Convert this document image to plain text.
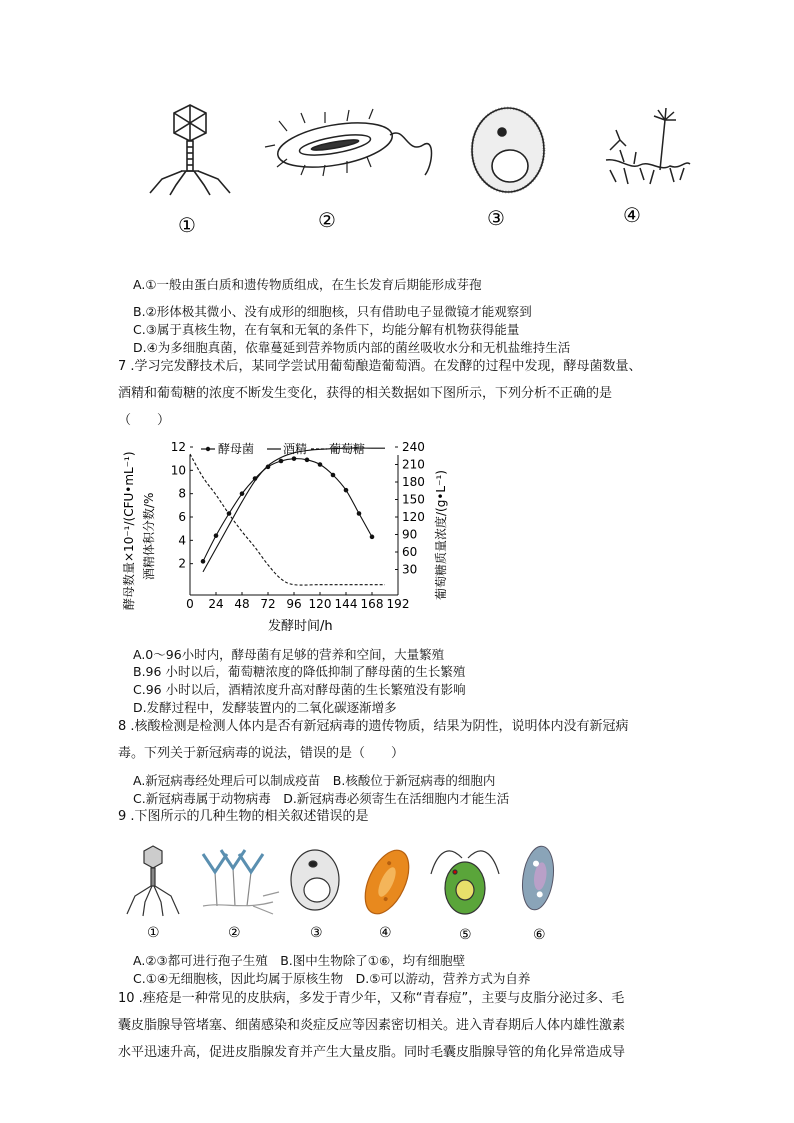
①	②	③	④
A.①一般由蛋白质和遗传物质组成，在生长发育后期能形成芽孢
B.②形体极其微小、没有成形的细胞核，只有借助电子显微镜才能观察到
C.③属于真核生物，在有氧和无氧的条件下，均能分解有机物获得能量
D.④为多细胞真菌，依靠蔓延到营养物质内部的菌丝吸收水分和无机盐维持生活
7 .学习完发酵技术后，某同学尝试用葡萄酿造葡萄酒。在发酵的过程中发现，酵母菌数量、
酒精和葡萄糖的浓度不断发生变化，获得的相关数据如下图所示，下列分析不正确的是
（　　）
酵母菌 酒精 葡萄糖
酵母数量×10⁻¹/(CFU•mL⁻¹) 酒精体积分数/%	葡萄糖质量浓度/(g•L⁻¹)
发酵时间/h
0 24 48 72 96 120 144 168 192
2
4
6
8
10
12
30
60
90
120
150
180
210
240
A.0～96小时内，酵母菌有足够的营养和空间，大量繁殖
B.96 小时以后，葡萄糖浓度的降低抑制了酵母菌的生长繁殖
C.96 小时以后，酒精浓度升高对酵母菌的生长繁殖没有影响
D.发酵过程中，发酵装置内的二氧化碳逐渐增多
8 .核酸检测是检测人体内是否有新冠病毒的遗传物质，结果为阴性，说明体内没有新冠病
毒。下列关于新冠病毒的说法，错误的是（　　）
A.新冠病毒经处理后可以制成疫苗　B.核酸位于新冠病毒的细胞内
C.新冠病毒属于动物病毒　D.新冠病毒必须寄生在活细胞内才能生活
9 .下图所示的几种生物的相关叙述错误的是
①	②	③	④	⑤	⑥
A.②③都可进行孢子生殖　B.图中生物除了①⑥，均有细胞壁
C.①④无细胞核，因此均属于原核生物　D.⑤可以游动，营养方式为自养
10 .痤疮是一种常见的皮肤病，多发于青少年，又称“青春痘”，主要与皮脂分泌过多、毛
囊皮脂腺导管堵塞、细菌感染和炎症反应等因素密切相关。进入青春期后人体内雄性激素
水平迅速升高，促进皮脂腺发育并产生大量皮脂。同时毛囊皮脂腺导管的角化异常造成导
